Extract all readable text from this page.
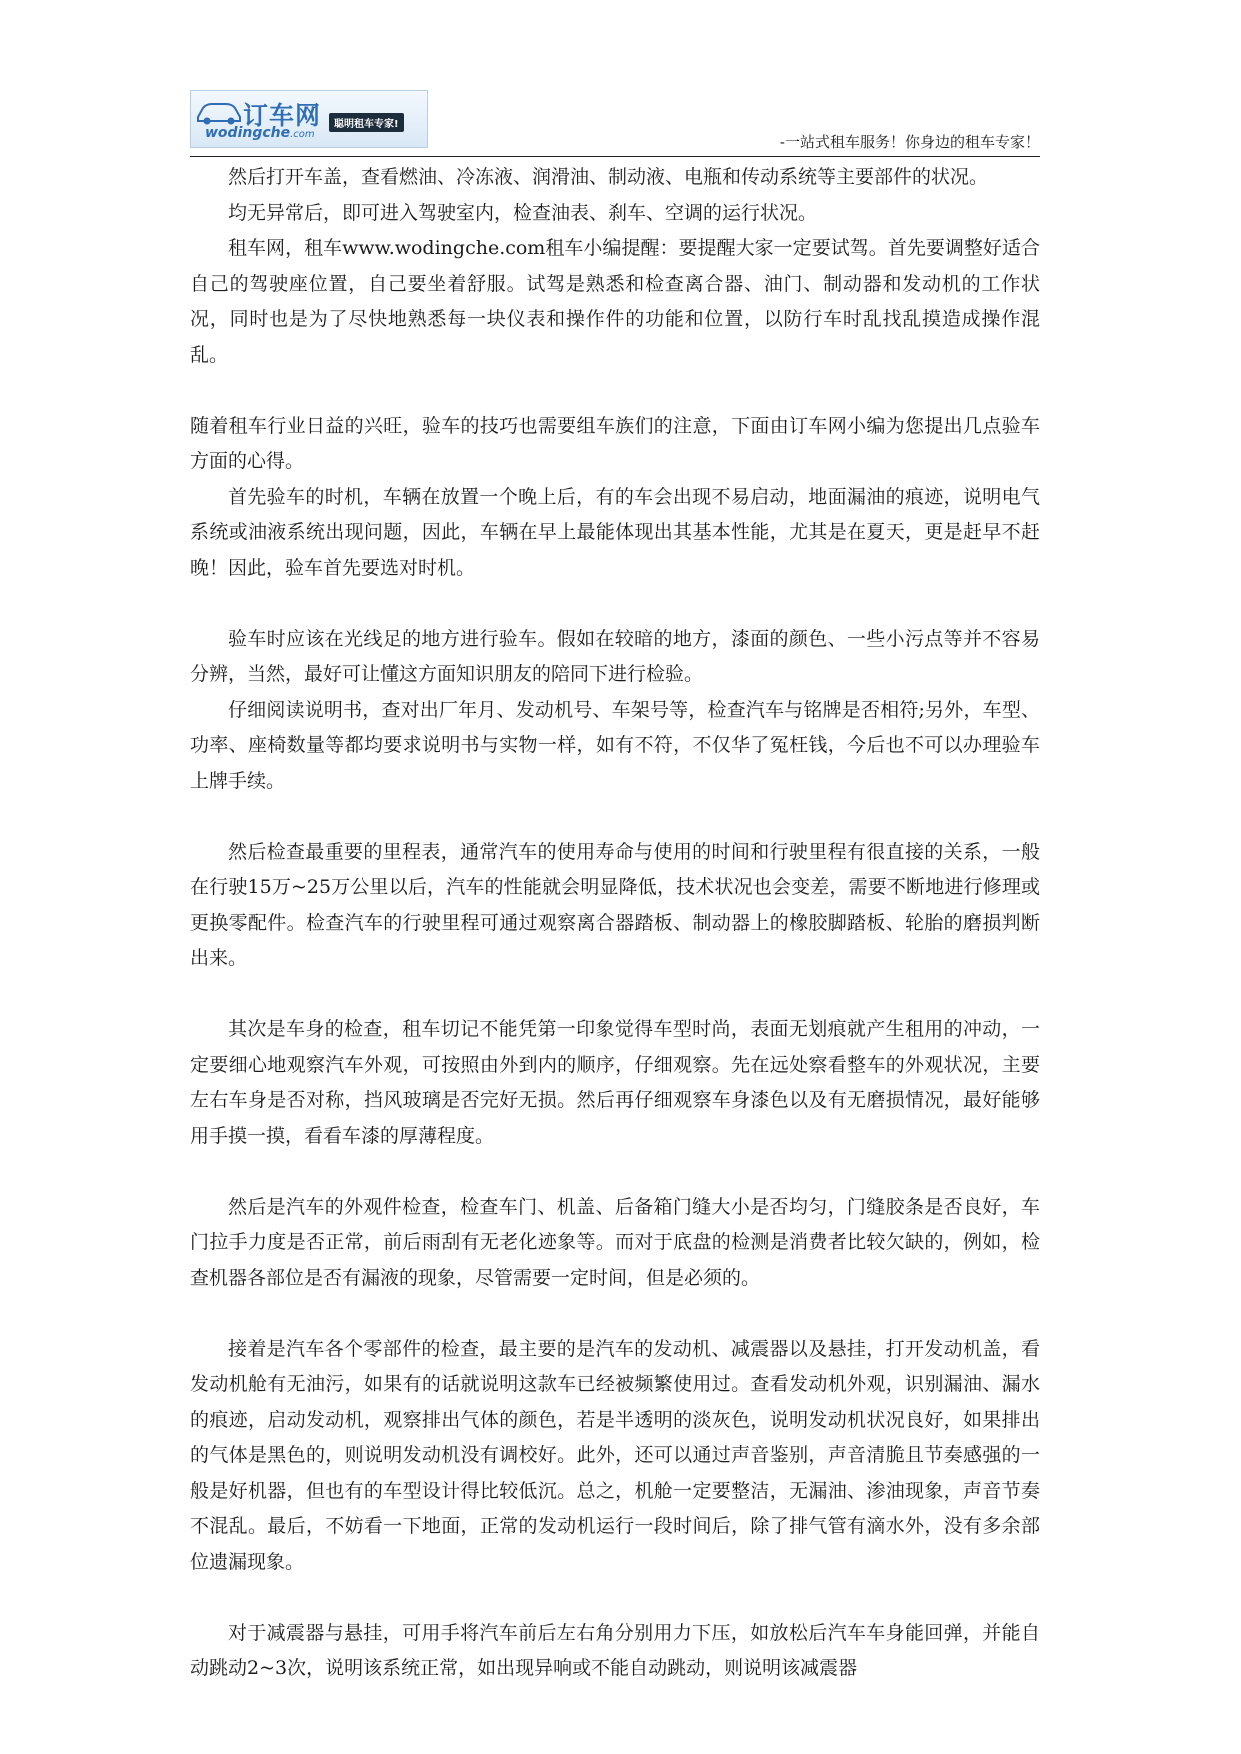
订车网
wodingche.com
聪明租车专家!
-一站式租车服务！你身边的租车专家！

然后打开车盖，查看燃油、冷冻液、润滑油、制动液、电瓶和传动系统等主要部件的状况。

均无异常后，即可进入驾驶室内，检查油表、刹车、空调的运行状况。

租车网，租车www.wodingche.com租车小编提醒：要提醒大家一定要试驾。首先要调整好适合自己的驾驶座位置，自己要坐着舒服。试驾是熟悉和检查离合器、油门、制动器和发动机的工作状况，同时也是为了尽快地熟悉每一块仪表和操作件的功能和位置，以防行车时乱找乱摸造成操作混乱。

随着租车行业日益的兴旺，验车的技巧也需要组车族们的注意，下面由订车网小编为您提出几点验车方面的心得。

首先验车的时机，车辆在放置一个晚上后，有的车会出现不易启动，地面漏油的痕迹，说明电气系统或油液系统出现问题，因此，车辆在早上最能体现出其基本性能，尤其是在夏天，更是赶早不赶晚！因此，验车首先要选对时机。

验车时应该在光线足的地方进行验车。假如在较暗的地方，漆面的颜色、一些小污点等并不容易分辨，当然，最好可让懂这方面知识朋友的陪同下进行检验。

仔细阅读说明书，查对出厂年月、发动机号、车架号等，检查汽车与铭牌是否相符;另外，车型、功率、座椅数量等都均要求说明书与实物一样，如有不符，不仅华了冤枉钱，今后也不可以办理验车上牌手续。

然后检查最重要的里程表，通常汽车的使用寿命与使用的时间和行驶里程有很直接的关系，一般在行驶15万~25万公里以后，汽车的性能就会明显降低，技术状况也会变差，需要不断地进行修理或更换零配件。检查汽车的行驶里程可通过观察离合器踏板、制动器上的橡胶脚踏板、轮胎的磨损判断出来。

其次是车身的检查，租车切记不能凭第一印象觉得车型时尚，表面无划痕就产生租用的冲动，一定要细心地观察汽车外观，可按照由外到内的顺序，仔细观察。先在远处察看整车的外观状况，主要左右车身是否对称，挡风玻璃是否完好无损。然后再仔细观察车身漆色以及有无磨损情况，最好能够用手摸一摸，看看车漆的厚薄程度。

然后是汽车的外观件检查，检查车门、机盖、后备箱门缝大小是否均匀，门缝胶条是否良好，车门拉手力度是否正常，前后雨刮有无老化迹象等。而对于底盘的检测是消费者比较欠缺的，例如，检查机器各部位是否有漏液的现象，尽管需要一定时间，但是必须的。

接着是汽车各个零部件的检查，最主要的是汽车的发动机、减震器以及悬挂，打开发动机盖，看发动机舱有无油污，如果有的话就说明这款车已经被频繁使用过。查看发动机外观，识别漏油、漏水的痕迹，启动发动机，观察排出气体的颜色，若是半透明的淡灰色，说明发动机状况良好，如果排出的气体是黑色的，则说明发动机没有调校好。此外，还可以通过声音鉴别，声音清脆且节奏感强的一般是好机器，但也有的车型设计得比较低沉。总之，机舱一定要整洁，无漏油、渗油现象，声音节奏不混乱。最后，不妨看一下地面，正常的发动机运行一段时间后，除了排气管有滴水外，没有多余部位遗漏现象。

对于减震器与悬挂，可用手将汽车前后左右角分别用力下压，如放松后汽车车身能回弹，并能自动跳动2~3次，说明该系统正常，如出现异响或不能自动跳动，则说明该减震器
